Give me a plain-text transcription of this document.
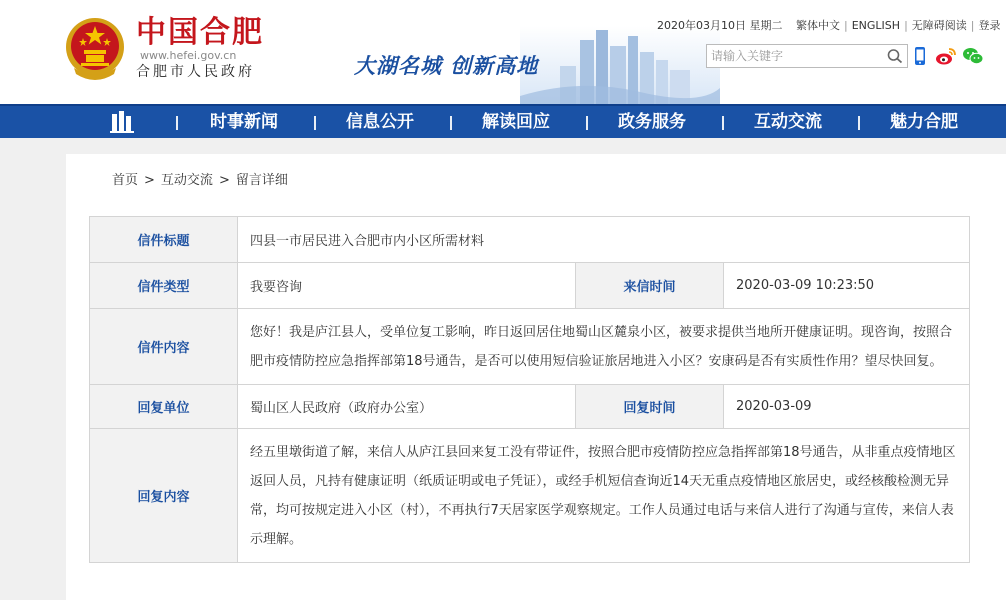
中国合肥
www.hefei.gov.cn
合肥市人民政府	大湖名城 创新高地
2020年03月10日 星期二 繁体中文 | ENGLISH | 无障碍阅读 | 登录
请输入关键字
时事新闻	信息公开	解读回应	政务服务	互动交流	魅力合肥
首页 > 互动交流 > 留言详细
信件标题	四县一市居民进入合肥市内小区所需材料		
信件类型	我要咨询	来信时间	2020-03-09 10:23:50
信件内容	您好！我是庐江县人，受单位复工影响，昨日返回居住地蜀山区麓泉小区，被要求提供当地所开健康证明。现咨询，按照合肥市疫情防控应急指挥部第18号通告，是否可以使用短信验证旅居地进入小区？安康码是否有实质性作用？望尽快回复。		
回复单位	蜀山区人民政府（政府办公室）	回复时间	2020-03-09
回复内容	经五里墩街道了解，来信人从庐江县回来复工没有带证件，按照合肥市疫情防控应急指挥部第18号通告，从非重点疫情地区返回人员，凡持有健康证明（纸质证明或电子凭证），或经手机短信查询近14天无重点疫情地区旅居史，或经核酸检测无异常，均可按规定进入小区（村），不再执行7天居家医学观察规定。工作人员通过电话与来信人进行了沟通与宣传，来信人表示理解。		
